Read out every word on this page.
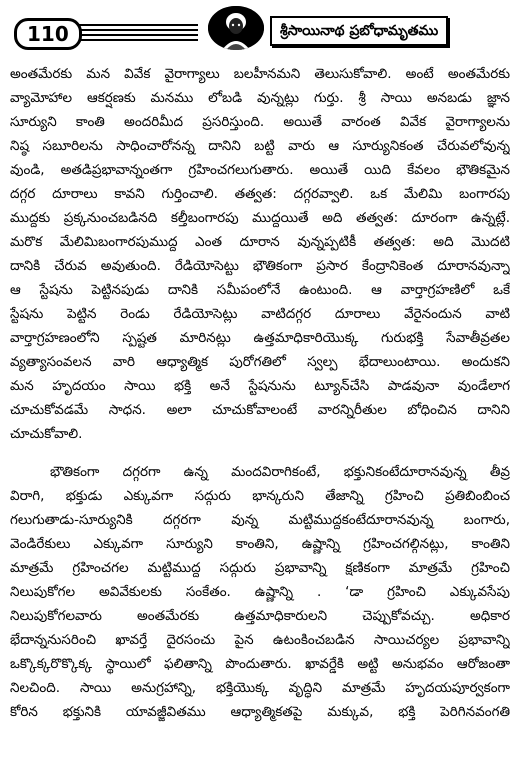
110	శ్రీసాయినాథ ప్రబోధామృతము
అంతమేరకు మన వివేక వైరాగ్యాలు బలహీనమని తెలుసుకోవాలి. అంటే అంతమేరకు
వ్యామోహాల ఆకర్షణకు మనము లోబడి వున్నట్లు గుర్తు. శ్రీ సాయి అనబడు జ్ఞాన
సూర్యుని కాంతి అందరిమీద ప్రసరిస్తుంది. అయితే వారంత వివేక వైరాగ్యాలను
నిష్ఠ సబూరిలను సాధించారోనన్న దానిని బట్టి వారు ఆ సూర్యునికంత చేరువలోవున్న
వుండి, అతడిప్రభావాన్నంతగా గ్రహించగలుగుతారు. అయితే యిది కేవలం భౌతికమైన
దగ్గర దూరాలు కావని గుర్తించాలి. తత్వత: దగ్గరవ్వాలి. ఒక మేలిమి బంగారపు
ముద్దకు ప్రక్కనుంచబడినది కల్తీబంగారపు ముద్దయితే అది తత్వత: దూరంగా ఉన్నట్లే.
మరొక మేలిమిబంగారపుముద్ద ఎంత దూరాన వున్నప్పటికీ తత్వత: అది మొదటి
దానికి చేరువ అవుతుంది. రేడియోసెట్టు భౌతికంగా ప్రసార కేంద్రానికెంత దూరానవున్నా
ఆ స్టేషను పెట్టినపుడు దానికి సమీపంలోనే ఉంటుంది. ఆ వార్తాగ్రహణిలో ఒకే
స్టేషను పెట్టిన రెండు రేడియోసెట్లు వాటిదగ్గర దూరాలు వేరైనందున వాటి
వార్తాగ్రహణంలోని స్పష్టత మారినట్లు ఉత్తమాధికారియొక్క గురుభక్తి సేవాతీవ్రతల
వ్యత్యాసంవలన వారి ఆధ్యాత్మిక పురోగతిలో స్వల్ప భేదాలుంటాయి. అందుకని
మన హృదయం సాయి భక్తి అనే స్టేషనును ట్యూన్‌చేసి పాడవునా వుండేలాగ
చూచుకోవడమే సాధన. అలా చూచుకోవాలంటే వారన్నిరీతుల బోధించిన దానిని
చూచుకోవాలి.
భౌతికంగా దగ్గరగా ఉన్న మందవిరాగికంటే, భక్తునికంటేదూరానవున్న తీవ్ర
విరాగి, భక్తుడు ఎక్కువగా సద్గురు భాన్కరుని తేజాన్ని గ్రహించి ప్రతిబింబించ
గలుగుతాడు-సూర్యునికి దగ్గరగా వున్న మట్టిముద్దకంటేదూరానవున్న బంగారు,
వెండిరేకులు ఎక్కువగా సూర్యుని కాంతిని, ఉష్ణాన్ని గ్రహించగల్గినట్లు, కాంతిని
మాత్రమే గ్రహించగల మట్టిముద్ద సద్గురు ప్రభావాన్ని క్షణికంగా మాత్రమే గ్రహించి
నిలుపుకోగల అవివేకులకు సంకేతం. ఉష్ణాన్ని . ‘డా గ్రహించి ఎక్కువసేపు
నిలుపుకోగలవారు అంతమేరకు ఉత్తమాధికారులని చెప్పుకోవచ్చు. అధికార
భేదాన్ననుసరించి ఖావర్తే దైరసంచు పైన ఉటంకించబడిన సాయిచర్యల ప్రభావాన్ని
ఒక్కొక్కరొక్కొక్క స్థాయిలో ఫలితాన్ని పొందుతారు. ఖావర్డేకి అట్టి అనుభవం ఆరోజంతా
నిలచింది. సాయి అనుగ్రహాన్ని, భక్తియొక్క వృద్ధిని మాత్రమే హృదయపూర్వకంగా
కోరిన భక్తునికి యావజ్జీవితము ఆధ్యాత్మికతపై మక్కువ, భక్తి పెరిగినవంగతి
